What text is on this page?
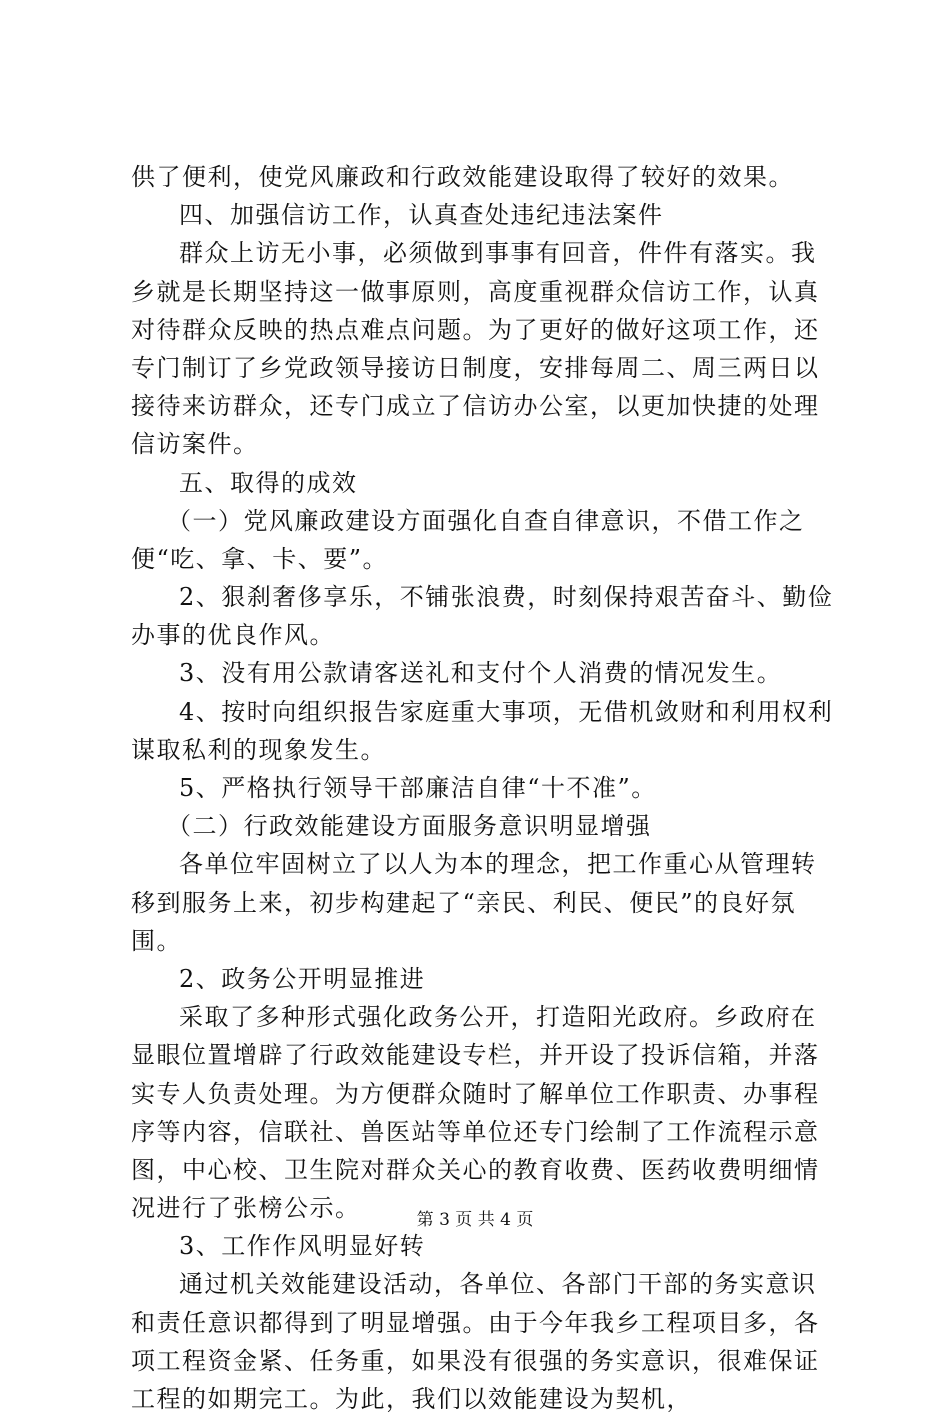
供了便利，使党风廉政和行政效能建设取得了较好的效果。
四、加强信访工作，认真查处违纪违法案件
群众上访无小事，必须做到事事有回音，件件有落实。我
乡就是长期坚持这一做事原则，高度重视群众信访工作，认真
对待群众反映的热点难点问题。为了更好的做好这项工作，还
专门制订了乡党政领导接访日制度，安排每周二、周三两日以
接待来访群众，还专门成立了信访办公室，以更加快捷的处理
信访案件。
五、取得的成效
（一）党风廉政建设方面强化自查自律意识，不借工作之
便“吃、拿、卡、要”。
2、狠刹奢侈享乐，不铺张浪费，时刻保持艰苦奋斗、勤俭
办事的优良作风。
3、没有用公款请客送礼和支付个人消费的情况发生。
4、按时向组织报告家庭重大事项，无借机敛财和利用权利
谋取私利的现象发生。
5、严格执行领导干部廉洁自律“十不准”。
（二）行政效能建设方面服务意识明显增强
各单位牢固树立了以人为本的理念，把工作重心从管理转
移到服务上来，初步构建起了“亲民、利民、便民”的良好氛
围。
2、政务公开明显推进
采取了多种形式强化政务公开，打造阳光政府。乡政府在
显眼位置增辟了行政效能建设专栏，并开设了投诉信箱，并落
实专人负责处理。为方便群众随时了解单位工作职责、办事程
序等内容，信联社、兽医站等单位还专门绘制了工作流程示意
图，中心校、卫生院对群众关心的教育收费、医药收费明细情
况进行了张榜公示。
3、工作作风明显好转
通过机关效能建设活动，各单位、各部门干部的务实意识
和责任意识都得到了明显增强。由于今年我乡工程项目多，各
项工程资金紧、任务重，如果没有很强的务实意识，很难保证
工程的如期完工。为此，我们以效能建设为契机，
第 3 页 共 4 页
